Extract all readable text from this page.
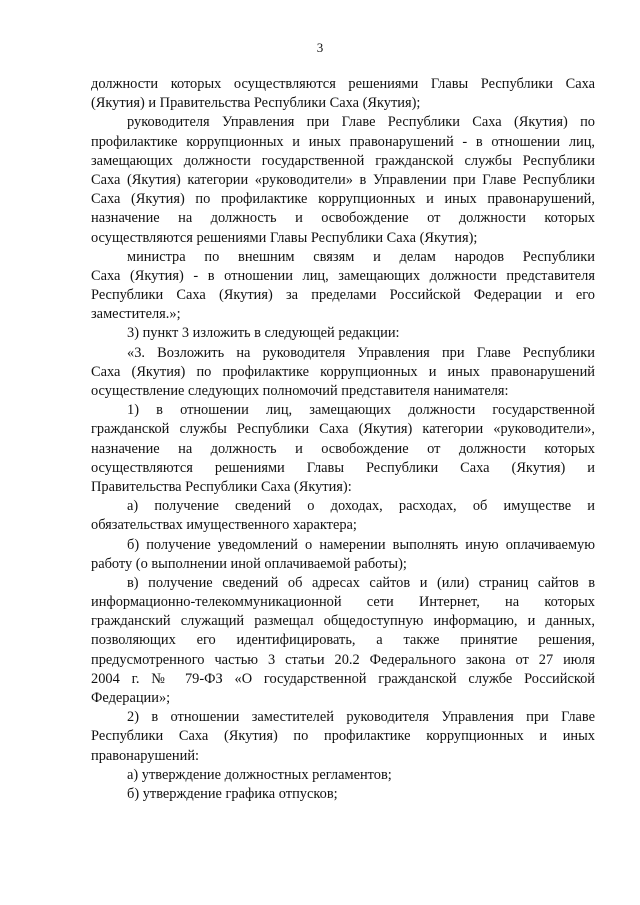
3
должности которых осуществляются решениями Главы Республики Саха
(Якутия) и Правительства Республики Саха (Якутия);
руководителя Управления при Главе Республики Саха (Якутия) по
профилактике коррупционных и иных правонарушений - в отношении лиц,
замещающих должности государственной гражданской службы Республики
Саха (Якутия) категории «руководители» в Управлении при Главе Республики
Саха (Якутия) по профилактике коррупционных и иных правонарушений,
назначение на должность и освобождение от должности которых
осуществляются решениями Главы Республики Саха (Якутия);
министра по внешним связям и делам народов Республики
Саха (Якутия) - в отношении лиц, замещающих должности представителя
Республики Саха (Якутия) за пределами Российской Федерации и его
заместителя.»;
3) пункт 3 изложить в следующей редакции:
«3. Возложить на руководителя Управления при Главе Республики
Саха (Якутия) по профилактике коррупционных и иных правонарушений
осуществление следующих полномочий представителя нанимателя:
1) в отношении лиц, замещающих должности государственной
гражданской службы Республики Саха (Якутия) категории «руководители»,
назначение на должность и освобождение от должности которых
осуществляются решениями Главы Республики Саха (Якутия) и
Правительства Республики Саха (Якутия):
а) получение сведений о доходах, расходах, об имуществе и
обязательствах имущественного характера;
б) получение уведомлений о намерении выполнять иную оплачиваемую
работу (о выполнении иной оплачиваемой работы);
в) получение сведений об адресах сайтов и (или) страниц сайтов в
информационно-телекоммуникационной сети Интернет, на которых
гражданский служащий размещал общедоступную информацию, и данных,
позволяющих его идентифицировать, а также принятие решения,
предусмотренного частью 3 статьи 20.2 Федерального закона от 27 июля
2004 г. № 79-ФЗ «О государственной гражданской службе Российской
Федерации»;
2) в отношении заместителей руководителя Управления при Главе
Республики Саха (Якутия) по профилактике коррупционных и иных
правонарушений:
а) утверждение должностных регламентов;
б) утверждение графика отпусков;
